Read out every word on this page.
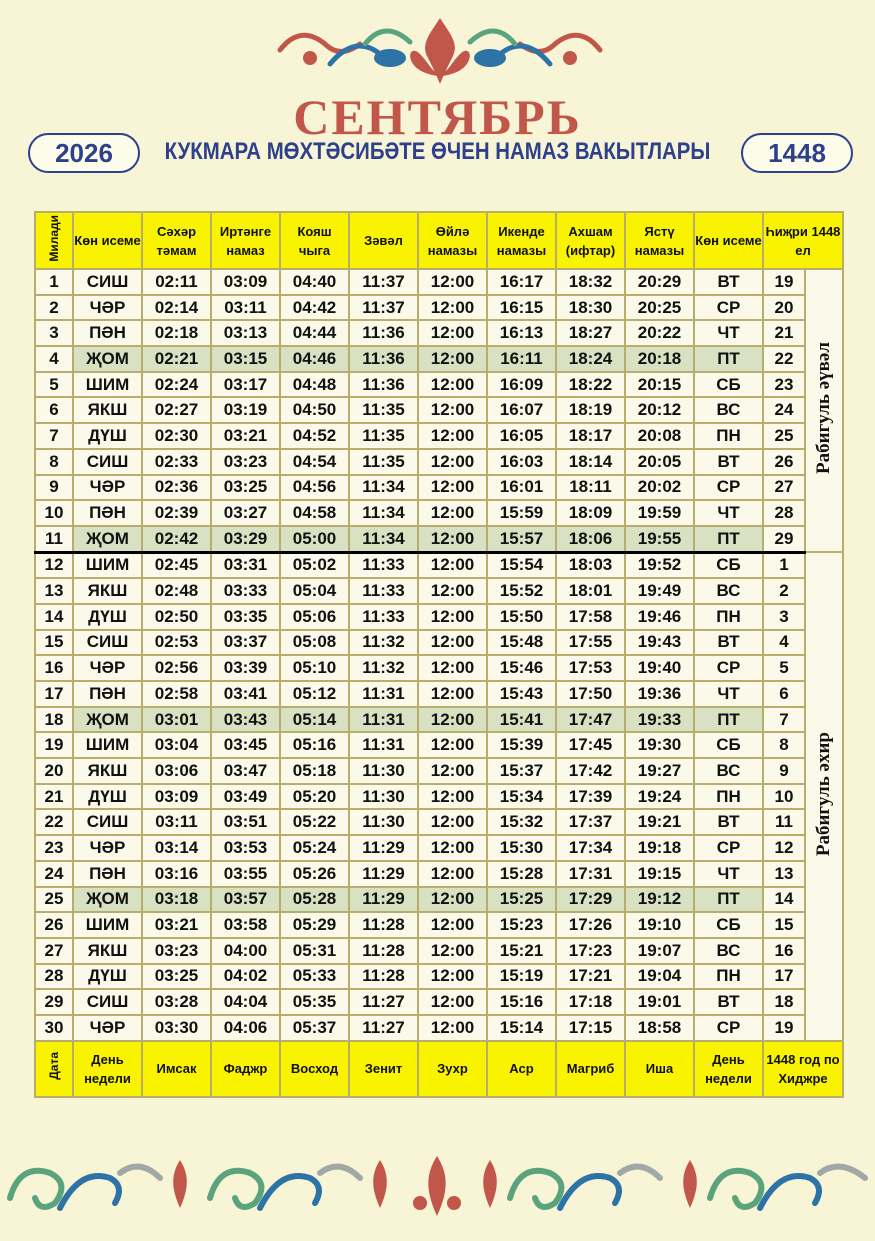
СЕНТЯБРЬ
КУКМАРА МӨХТӘСИБӘТЕ ӨЧЕН НАМАЗ ВАКЫТЛАРЫ
2026	1448
Милади	Көн исеме	Сәхәр тәмам	Иртәнге намаз	Кояш чыга	Зәвәл	Өйлә намазы	Икенде намазы	Ахшам (ифтар)	Ястү намазы	Көн исеме	Һиҗри 1448 ел	
1	СИШ	02:11	03:09	04:40	11:37	12:00	16:17	18:32	20:29	ВТ	19	Рабигуль әүвәл
2	ЧӘР	02:14	03:11	04:42	11:37	12:00	16:15	18:30	20:25	СР	20	
3	ПӘН	02:18	03:13	04:44	11:36	12:00	16:13	18:27	20:22	ЧТ	21	
4	ҖОМ	02:21	03:15	04:46	11:36	12:00	16:11	18:24	20:18	ПТ	22	
5	ШИМ	02:24	03:17	04:48	11:36	12:00	16:09	18:22	20:15	СБ	23	
6	ЯКШ	02:27	03:19	04:50	11:35	12:00	16:07	18:19	20:12	ВС	24	
7	ДҮШ	02:30	03:21	04:52	11:35	12:00	16:05	18:17	20:08	ПН	25	
8	СИШ	02:33	03:23	04:54	11:35	12:00	16:03	18:14	20:05	ВТ	26	
9	ЧӘР	02:36	03:25	04:56	11:34	12:00	16:01	18:11	20:02	СР	27	
10	ПӘН	02:39	03:27	04:58	11:34	12:00	15:59	18:09	19:59	ЧТ	28	
11	ҖОМ	02:42	03:29	05:00	11:34	12:00	15:57	18:06	19:55	ПТ	29	
12	ШИМ	02:45	03:31	05:02	11:33	12:00	15:54	18:03	19:52	СБ	1	Рабигуль әхир
13	ЯКШ	02:48	03:33	05:04	11:33	12:00	15:52	18:01	19:49	ВС	2	
14	ДҮШ	02:50	03:35	05:06	11:33	12:00	15:50	17:58	19:46	ПН	3	
15	СИШ	02:53	03:37	05:08	11:32	12:00	15:48	17:55	19:43	ВТ	4	
16	ЧӘР	02:56	03:39	05:10	11:32	12:00	15:46	17:53	19:40	СР	5	
17	ПӘН	02:58	03:41	05:12	11:31	12:00	15:43	17:50	19:36	ЧТ	6	
18	ҖОМ	03:01	03:43	05:14	11:31	12:00	15:41	17:47	19:33	ПТ	7	
19	ШИМ	03:04	03:45	05:16	11:31	12:00	15:39	17:45	19:30	СБ	8	
20	ЯКШ	03:06	03:47	05:18	11:30	12:00	15:37	17:42	19:27	ВС	9	
21	ДҮШ	03:09	03:49	05:20	11:30	12:00	15:34	17:39	19:24	ПН	10	
22	СИШ	03:11	03:51	05:22	11:30	12:00	15:32	17:37	19:21	ВТ	11	
23	ЧӘР	03:14	03:53	05:24	11:29	12:00	15:30	17:34	19:18	СР	12	
24	ПӘН	03:16	03:55	05:26	11:29	12:00	15:28	17:31	19:15	ЧТ	13	
25	ҖОМ	03:18	03:57	05:28	11:29	12:00	15:25	17:29	19:12	ПТ	14	
26	ШИМ	03:21	03:58	05:29	11:28	12:00	15:23	17:26	19:10	СБ	15	
27	ЯКШ	03:23	04:00	05:31	11:28	12:00	15:21	17:23	19:07	ВС	16	
28	ДҮШ	03:25	04:02	05:33	11:28	12:00	15:19	17:21	19:04	ПН	17	
29	СИШ	03:28	04:04	05:35	11:27	12:00	15:16	17:18	19:01	ВТ	18	
30	ЧӘР	03:30	04:06	05:37	11:27	12:00	15:14	17:15	18:58	СР	19	
Дата	День недели	Имсак	Фаджр	Восход	Зенит	Зухр	Аср	Магриб	Иша	День недели	1448 год по Хиджре	
